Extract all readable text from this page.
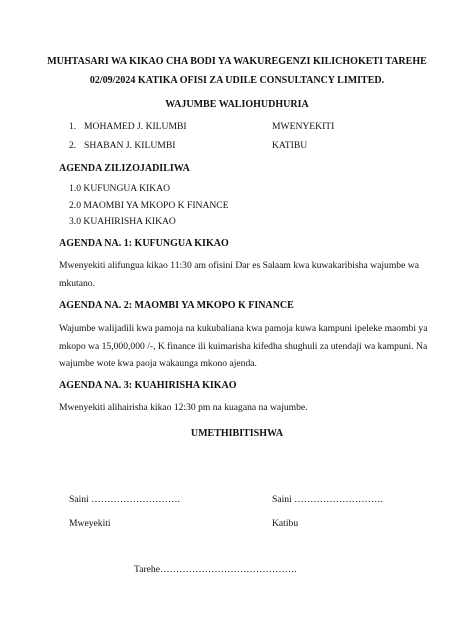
MUHTASARI WA KIKAO CHA BODI YA WAKUREGENZI KILICHOKETI TAREHE
02/09/2024 KATIKA OFISI ZA UDILE CONSULTANCY LIMITED.
WAJUMBE WALIOHUDHURIA
1. MOHAMED J. KILUMBI	MWENYEKITI
2. SHABAN J. KILUMBI	KATIBU
AGENDA ZILIZOJADILIWA
1.0 KUFUNGUA KIKAO
2.0 MAOMBI YA MKOPO K FINANCE
3.0 KUAHIRISHA KIKAO
AGENDA NA. 1: KUFUNGUA KIKAO
Mwenyekiti alifungua kikao 11:30 am ofisini Dar es Salaam kwa kuwakaribisha wajumbe wa
mkutano.
AGENDA NA. 2: MAOMBI YA MKOPO K FINANCE
Wajumbe walijadili kwa pamoja na kukubaliana kwa pamoja kuwa kampuni ipeleke maombi ya
mkopo wa 15,000,000 /-, K finance ili kuimarisha kifedha shughuli za utendaji wa kampuni. Na
wajumbe wote kwa paoja wakaunga mkono ajenda.
AGENDA NA. 3: KUAHIRISHA KIKAO
Mwenyekiti alihairisha kikao 12:30 pm na kuagana na wajumbe.
UMETHIBITISHWA
Saini ……………………….	Saini ……………………….
Mweyekiti	Katibu
Tarehe…………………………………….
